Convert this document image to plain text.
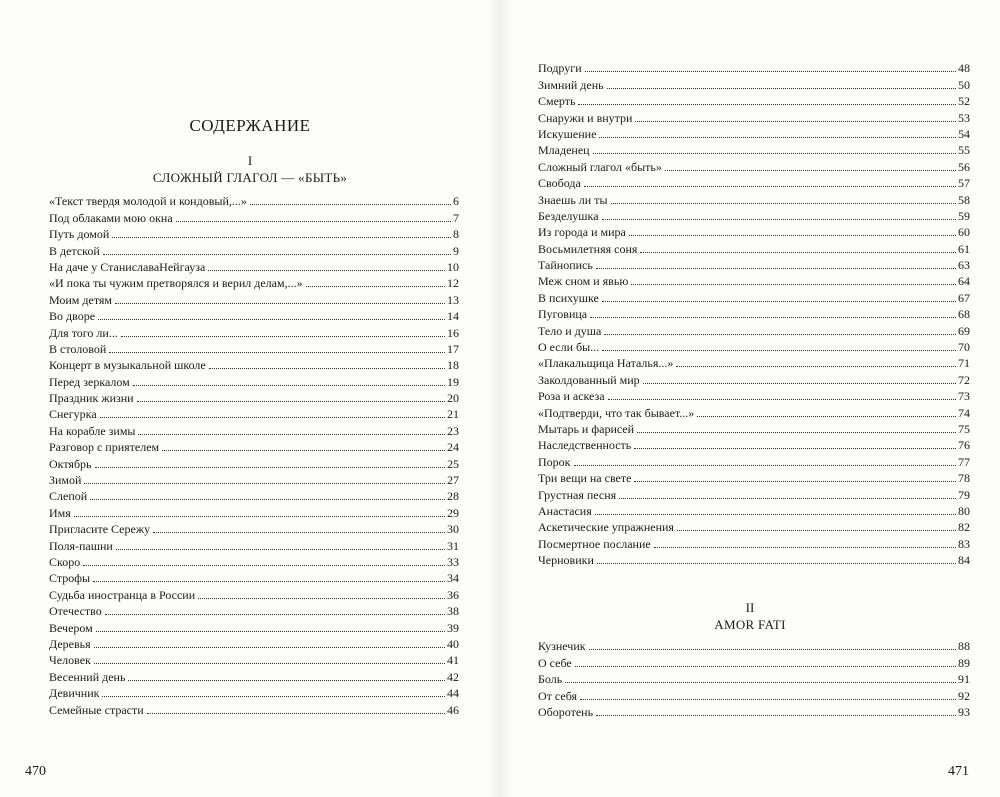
СОДЕРЖАНИЕ
I
СЛОЖНЫЙ ГЛАГОЛ — «БЫТЬ»
«Текст твердя молодой и кондовый,...»	6
Под облаками мою окна	7
Путь домой	8
В детской	9
На даче у СтаниславаНейгауза	10
«И пока ты чужим претворялся и верил делам,...»	12
Моим детям	13
Во дворе	14
Для того ли...	16
В столовой	17
Концерт в музыкальной школе	18
Перед зеркалом	19
Праздник жизни	20
Снегурка	21
На корабле зимы	23
Разговор с приятелем	24
Октябрь	25
Зимой	27
Слепой	28
Имя	29
Пригласите Сережу	30
Поля-пашни	31
Скоро	33
Строфы	34
Судьба иностранца в России	36
Отечество	38
Вечером	39
Деревья	40
Человек	41
Весенний день	42
Девичник	44
Семейные страсти	46
470
Подруги	48
Зимний день	50
Смерть	52
Снаружи и внутри	53
Искушение	54
Младенец	55
Сложный глагол «быть»	56
Свобода	57
Знаешь ли ты	58
Безделушка	59
Из города и мира	60
Восьмилетняя соня	61
Тайнопись	63
Меж сном и явью	64
В психушке	67
Пуговица	68
Тело и душа	69
О если бы...	70
«Плакальщица Наталья...»	71
Заколдованный мир	72
Роза и аскеза	73
«Подтверди, что так бывает...»	74
Мытарь и фарисей	75
Наследственность	76
Порок	77
Три вещи на свете	78
Грустная песня	79
Анастасия	80
Аскетические упражнения	82
Посмертное послание	83
Черновики	84
II
AMOR FATI
Кузнечик	88
О себе	89
Боль	91
От себя	92
Оборотень	93
471
